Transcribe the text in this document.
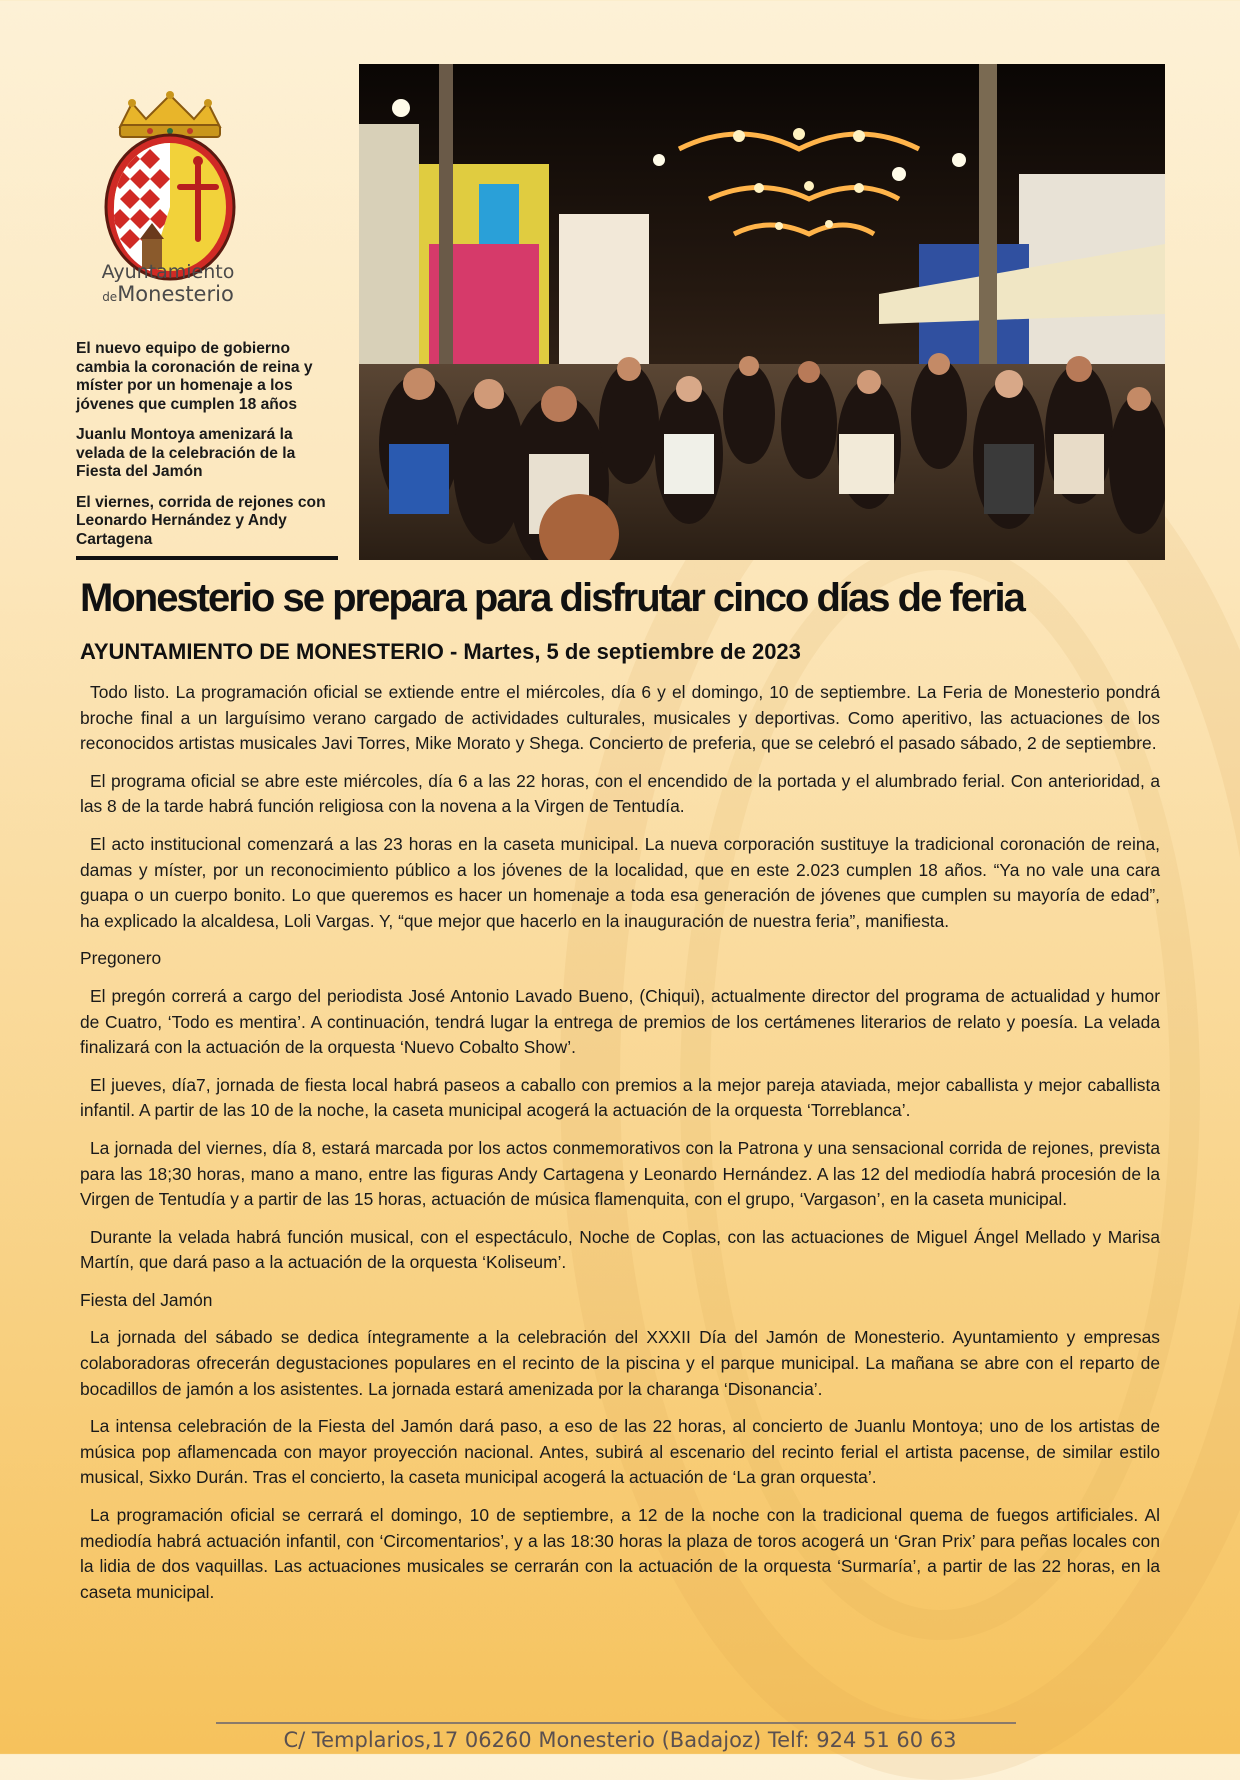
Ayuntamiento
deMonesterio

El nuevo equipo de gobierno cambia la coronación de reina y míster por un homenaje a los jóvenes que cumplen 18 años

Juanlu Montoya amenizará la velada de la celebración de la Fiesta del Jamón

El viernes, corrida de rejones con Leonardo Hernández y Andy Cartagena

Monesterio se prepara para disfrutar cinco días de feria
AYUNTAMIENTO DE MONESTERIO - Martes, 5 de septiembre de 2023

Todo listo. La programación oficial se extiende entre el miércoles, día 6 y el domingo, 10 de septiembre. La Feria de Monesterio pondrá broche final a un larguísimo verano cargado de actividades culturales, musicales y deportivas. Como aperitivo, las actuaciones de los reconocidos artistas musicales Javi Torres, Mike Morato y Shega. Concierto de preferia, que se celebró el pasado sábado, 2 de septiembre.

El programa oficial se abre este miércoles, día 6 a las 22 horas, con el encendido de la portada y el alumbrado ferial. Con anterioridad, a las 8 de la tarde habrá función religiosa con la novena a la Virgen de Tentudía.

El acto institucional comenzará a las 23 horas en la caseta municipal. La nueva corporación sustituye la tradicional coronación de reina, damas y míster, por un reconocimiento público a los jóvenes de la localidad, que en este 2.023 cumplen 18 años. “Ya no vale una cara guapa o un cuerpo bonito. Lo que queremos es hacer un homenaje a toda esa generación de jóvenes que cumplen su mayoría de edad”, ha explicado la alcaldesa, Loli Vargas. Y, “que mejor que hacerlo en la inauguración de nuestra feria”, manifiesta.

Pregonero

El pregón correrá a cargo del periodista José Antonio Lavado Bueno, (Chiqui), actualmente director del programa de actualidad y humor de Cuatro, ‘Todo es mentira’. A continuación, tendrá lugar la entrega de premios de los certámenes literarios de relato y poesía. La velada finalizará con la actuación de la orquesta ‘Nuevo Cobalto Show’.

El jueves, día7, jornada de fiesta local habrá paseos a caballo con premios a la mejor pareja ataviada, mejor caballista y mejor caballista infantil. A partir de las 10 de la noche, la caseta municipal acogerá la actuación de la orquesta ‘Torreblanca’.

La jornada del viernes, día 8, estará marcada por los actos conmemorativos con la Patrona y una sensacional corrida de rejones, prevista para las 18;30 horas, mano a mano, entre las figuras Andy Cartagena y Leonardo Hernández. A las 12 del mediodía habrá procesión de la Virgen de Tentudía y a partir de las 15 horas, actuación de música flamenquita, con el grupo, ‘Vargason’, en la caseta municipal.

Durante la velada habrá función musical, con el espectáculo, Noche de Coplas, con las actuaciones de Miguel Ángel Mellado y Marisa Martín, que dará paso a la actuación de la orquesta ‘Koliseum’.

Fiesta del Jamón

La jornada del sábado se dedica íntegramente a la celebración del XXXII Día del Jamón de Monesterio. Ayuntamiento y empresas colaboradoras ofrecerán degustaciones populares en el recinto de la piscina y el parque municipal. La mañana se abre con el reparto de bocadillos de jamón a los asistentes. La jornada estará amenizada por la charanga ‘Disonancia’.

La intensa celebración de la Fiesta del Jamón dará paso, a eso de las 22 horas, al concierto de Juanlu Montoya; uno de los artistas de música pop aflamencada con mayor proyección nacional. Antes, subirá al escenario del recinto ferial el artista pacense, de similar estilo musical, Sixko Durán. Tras el concierto, la caseta municipal acogerá la actuación de ‘La gran orquesta’.

La programación oficial se cerrará el domingo, 10 de septiembre, a 12 de la noche con la tradicional quema de fuegos artificiales. Al mediodía habrá actuación infantil, con ‘Circomentarios’, y a las 18:30 horas la plaza de toros acogerá un ‘Gran Prix’ para peñas locales con la lidia de dos vaquillas. Las actuaciones musicales se cerrarán con la actuación de la orquesta ‘Surmaría’, a partir de las 22 horas, en la caseta municipal.

C/ Templarios,17 06260 Monesterio (Badajoz) Telf: 924 51 60 63
